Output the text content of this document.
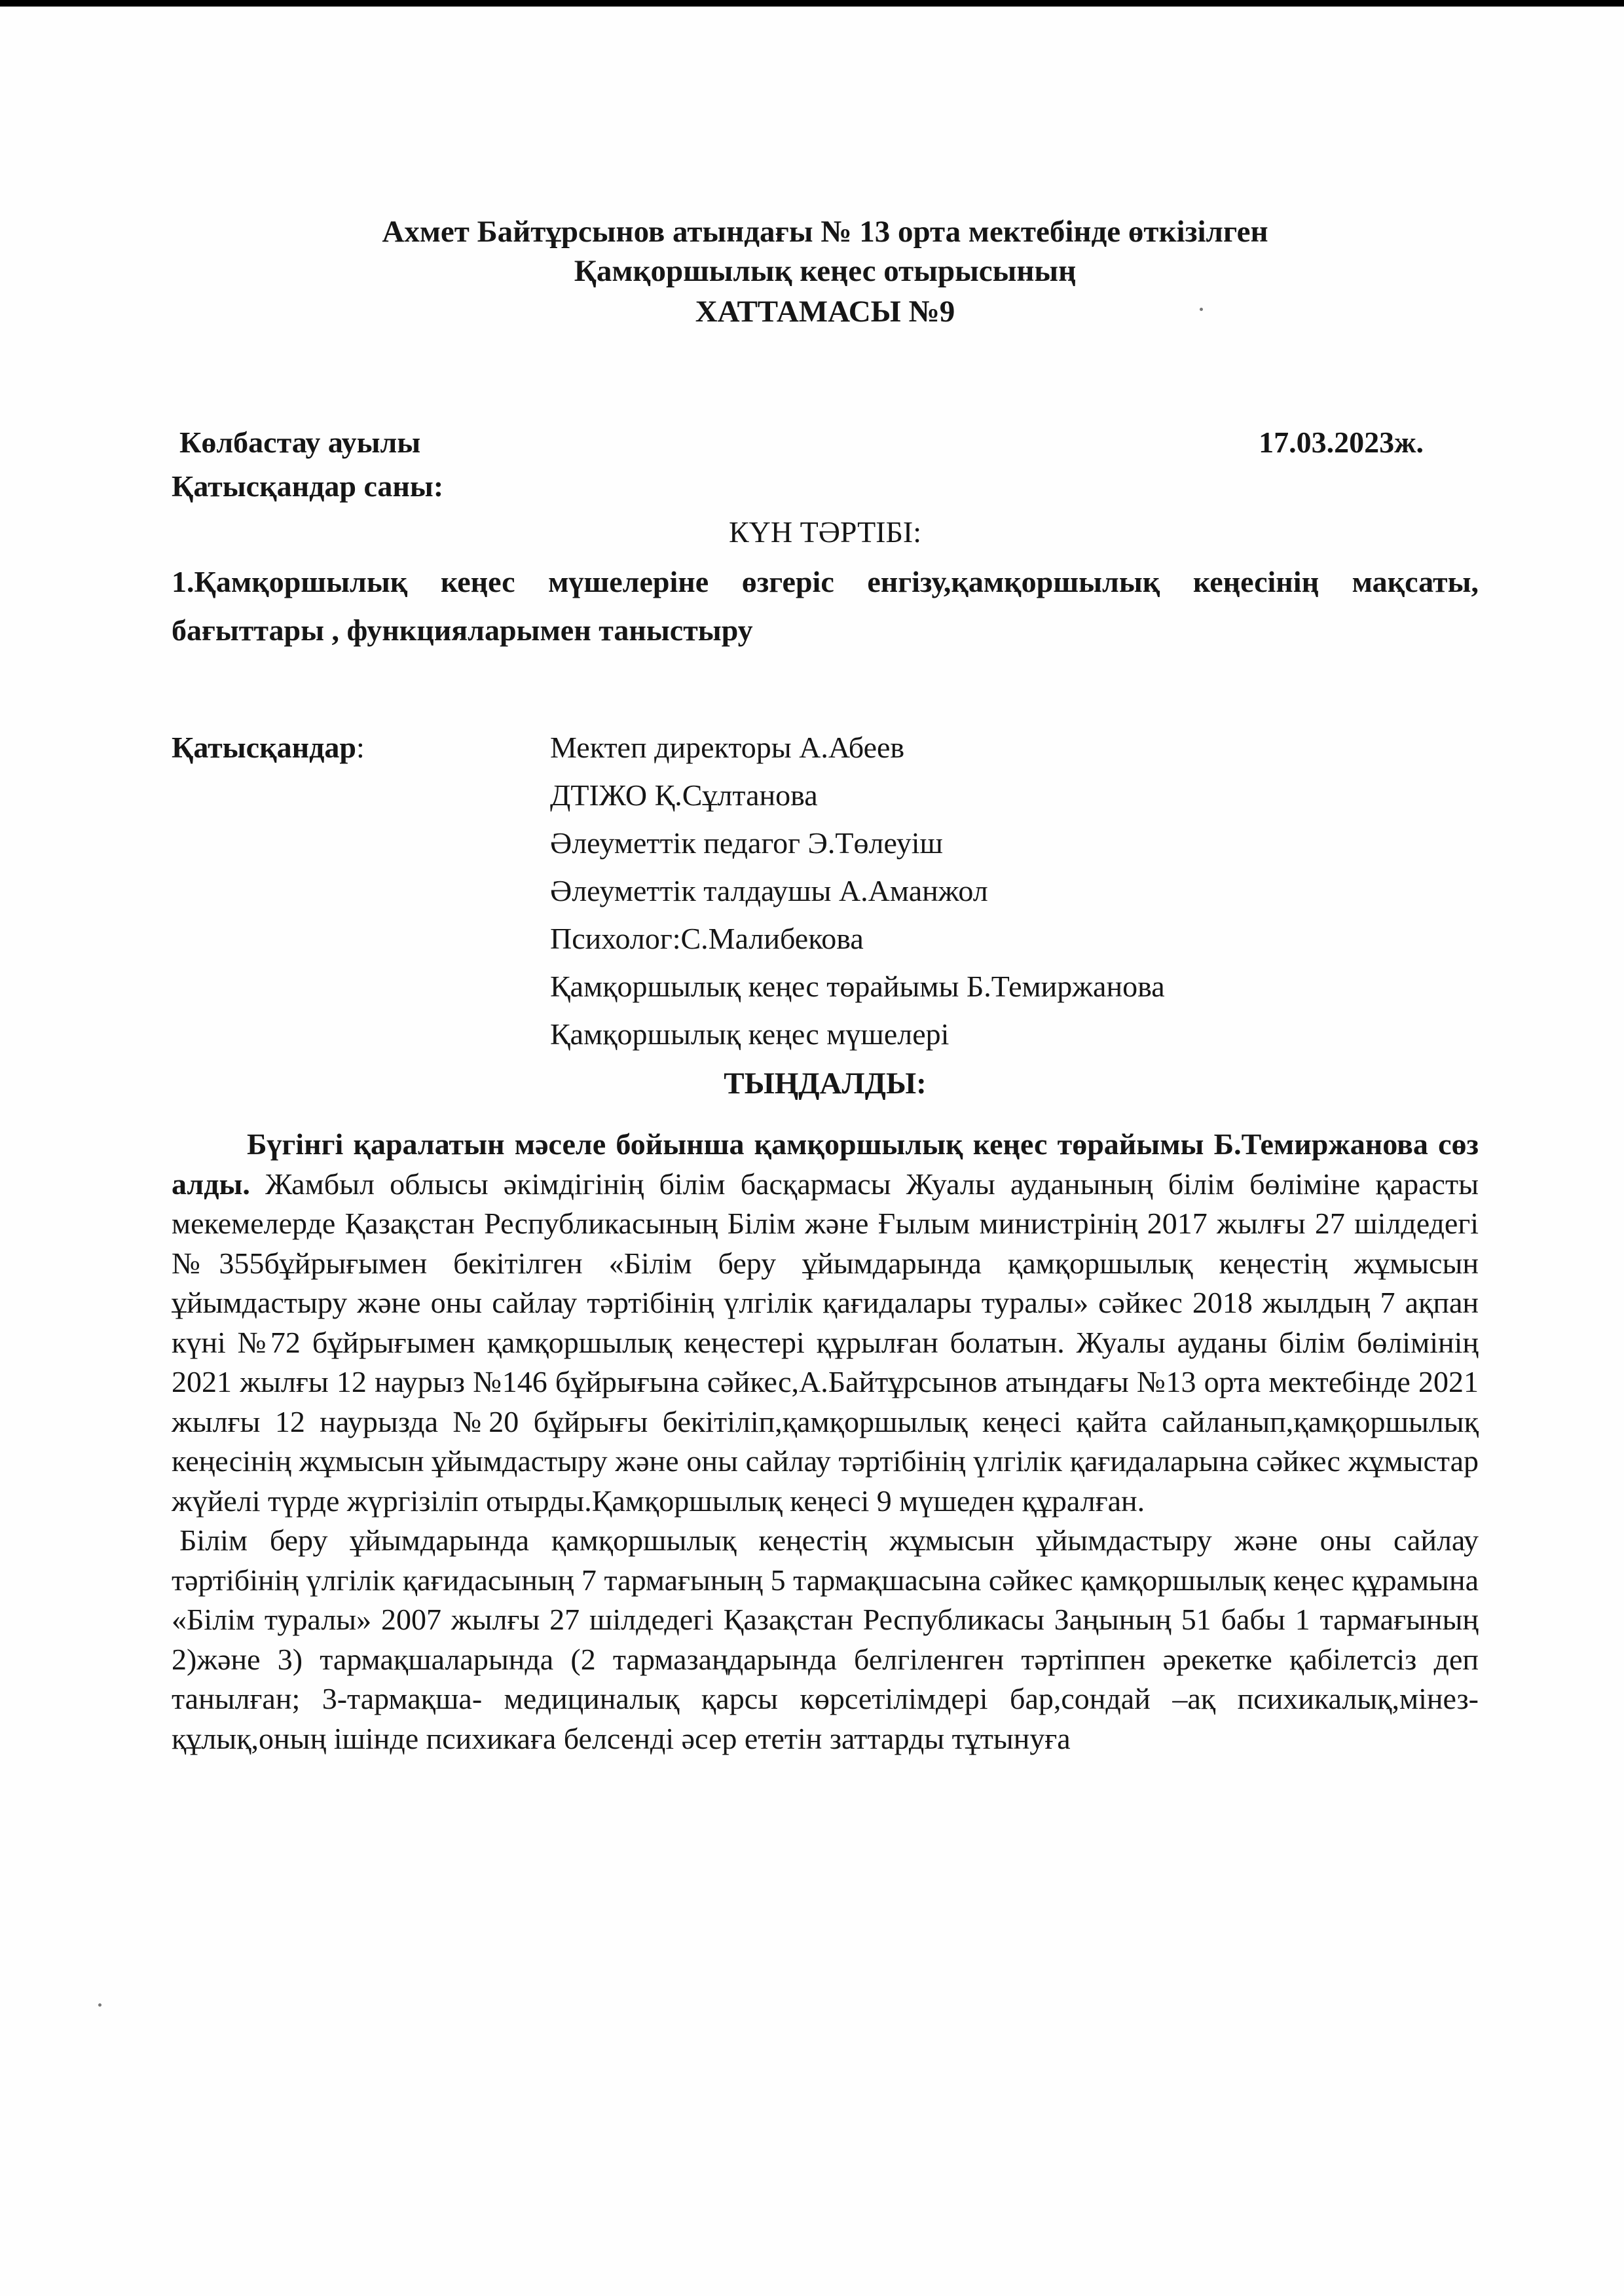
Ахмет Байтұрсынов атындағы № 13 орта мектебінде өткізілген
Қамқоршылық кеңес отырысының
ХАТТАМАСЫ №9
Көлбастау ауылы	17.03.2023ж.
Қатысқандар саны:
КҮН ТӘРТІБІ:
1.Қамқоршылық кеңес мүшелеріне өзгеріс енгізу,қамқоршылық кеңесінің мақсаты, бағыттары , функцияларымен таныстыру
Қатысқандар:	Мектеп директоры А.Абеев
ДТІЖО Қ.Сұлтанова
Әлеуметтік педагог Э.Төлеуіш
Әлеуметтік талдаушы А.Аманжол
Психолог:С.Малибекова
Қамқоршылық кеңес төрайымы Б.Темиржанова
Қамқоршылық кеңес мүшелері
ТЫҢДАЛДЫ:

Бүгінгі қаралатын мәселе бойынша қамқоршылық кеңес төрайымы Б.Темиржанова сөз алды. Жамбыл облысы әкімдігінің білім басқармасы Жуалы ауданының білім бөліміне қарасты мекемелерде Қазақстан Республикасының Білім және Ғылым министрінің 2017 жылғы 27 шілдедегі №355бұйрығымен бекітілген «Білім беру ұйымдарында қамқоршылық кеңестің жұмысын ұйымдастыру және оны сайлау тәртібінің үлгілік қағидалары туралы» сәйкес 2018 жылдың 7 ақпан күні №72 бұйрығымен қамқоршылық кеңестері құрылған болатын. Жуалы ауданы білім бөлімінің 2021 жылғы 12 наурыз №146 бұйрығына сәйкес,А.Байтұрсынов атындағы №13 орта мектебінде 2021 жылғы 12 наурызда №20 бұйрығы бекітіліп,қамқоршылық кеңесі қайта сайланып,қамқоршылық кеңесінің жұмысын ұйымдастыру және оны сайлау тәртібінің үлгілік қағидаларына сәйкес жұмыстар жүйелі түрде жүргізіліп отырды.Қамқоршылық кеңесі 9 мүшеден құралған.

Білім беру ұйымдарында қамқоршылық кеңестің жұмысын ұйымдастыру және оны сайлау тәртібінің үлгілік қағидасының 7 тармағының 5 тармақшасына сәйкес қамқоршылық кеңес құрамына «Білім туралы» 2007 жылғы 27 шілдедегі Қазақстан Республикасы Заңының 51 бабы 1 тармағының 2)және 3) тармақшаларында (2 тармазаңдарында белгіленген тәртіппен әрекетке қабілетсіз деп танылған; 3-тармақша- медициналық қарсы көрсетілімдері бар,сондай –ақ психикалық,мінез-құлық,оның ішінде психикаға белсенді әсер ететін заттарды тұтынуға
